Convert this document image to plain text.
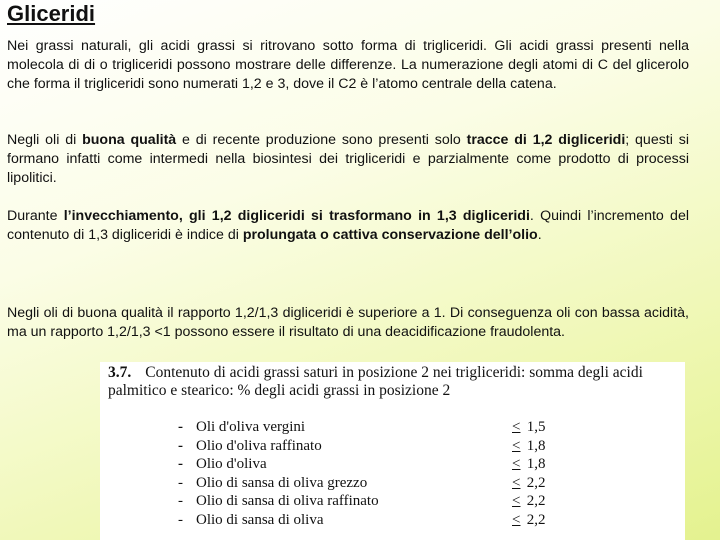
Gliceridi

Nei grassi naturali, gli acidi grassi si ritrovano sotto forma di trigliceridi. Gli acidi grassi presenti nella molecola di di o trigliceridi possono mostrare delle differenze. La numerazione degli atomi di C del glicerolo che forma il trigliceridi sono numerati 1,2 e 3, dove il C2 è l’atomo centrale della catena.

Negli oli di buona qualità e di recente produzione sono presenti solo tracce di 1,2 digliceridi; questi si formano infatti come intermedi nella biosintesi dei trigliceridi e parzialmente come prodotto di processi lipolitici.

Durante l’invecchiamento, gli 1,2 digliceridi si trasformano in 1,3 digliceridi. Quindi l’incremento del contenuto di 1,3 digliceridi è indice di prolungata o cattiva conservazione dell’olio.

Negli oli di buona qualità il rapporto 1,2/1,3 digliceridi è superiore a 1. Di conseguenza oli con bassa acidità, ma un rapporto 1,2/1,3 <1 possono essere il risultato di una deacidificazione fraudolenta.

3.7. Contenuto di acidi grassi saturi in posizione 2 nei trigliceridi: somma degli acidi palmitico e stearico: % degli acidi grassi in posizione 2
- Oli d'oliva vergini	≤ 1,5
- Olio d'oliva raffinato	≤ 1,8
- Olio d'oliva	≤ 1,8
- Olio di sansa di oliva grezzo	≤ 2,2
- Olio di sansa di oliva raffinato	≤ 2,2
- Olio di sansa di oliva	≤ 2,2
